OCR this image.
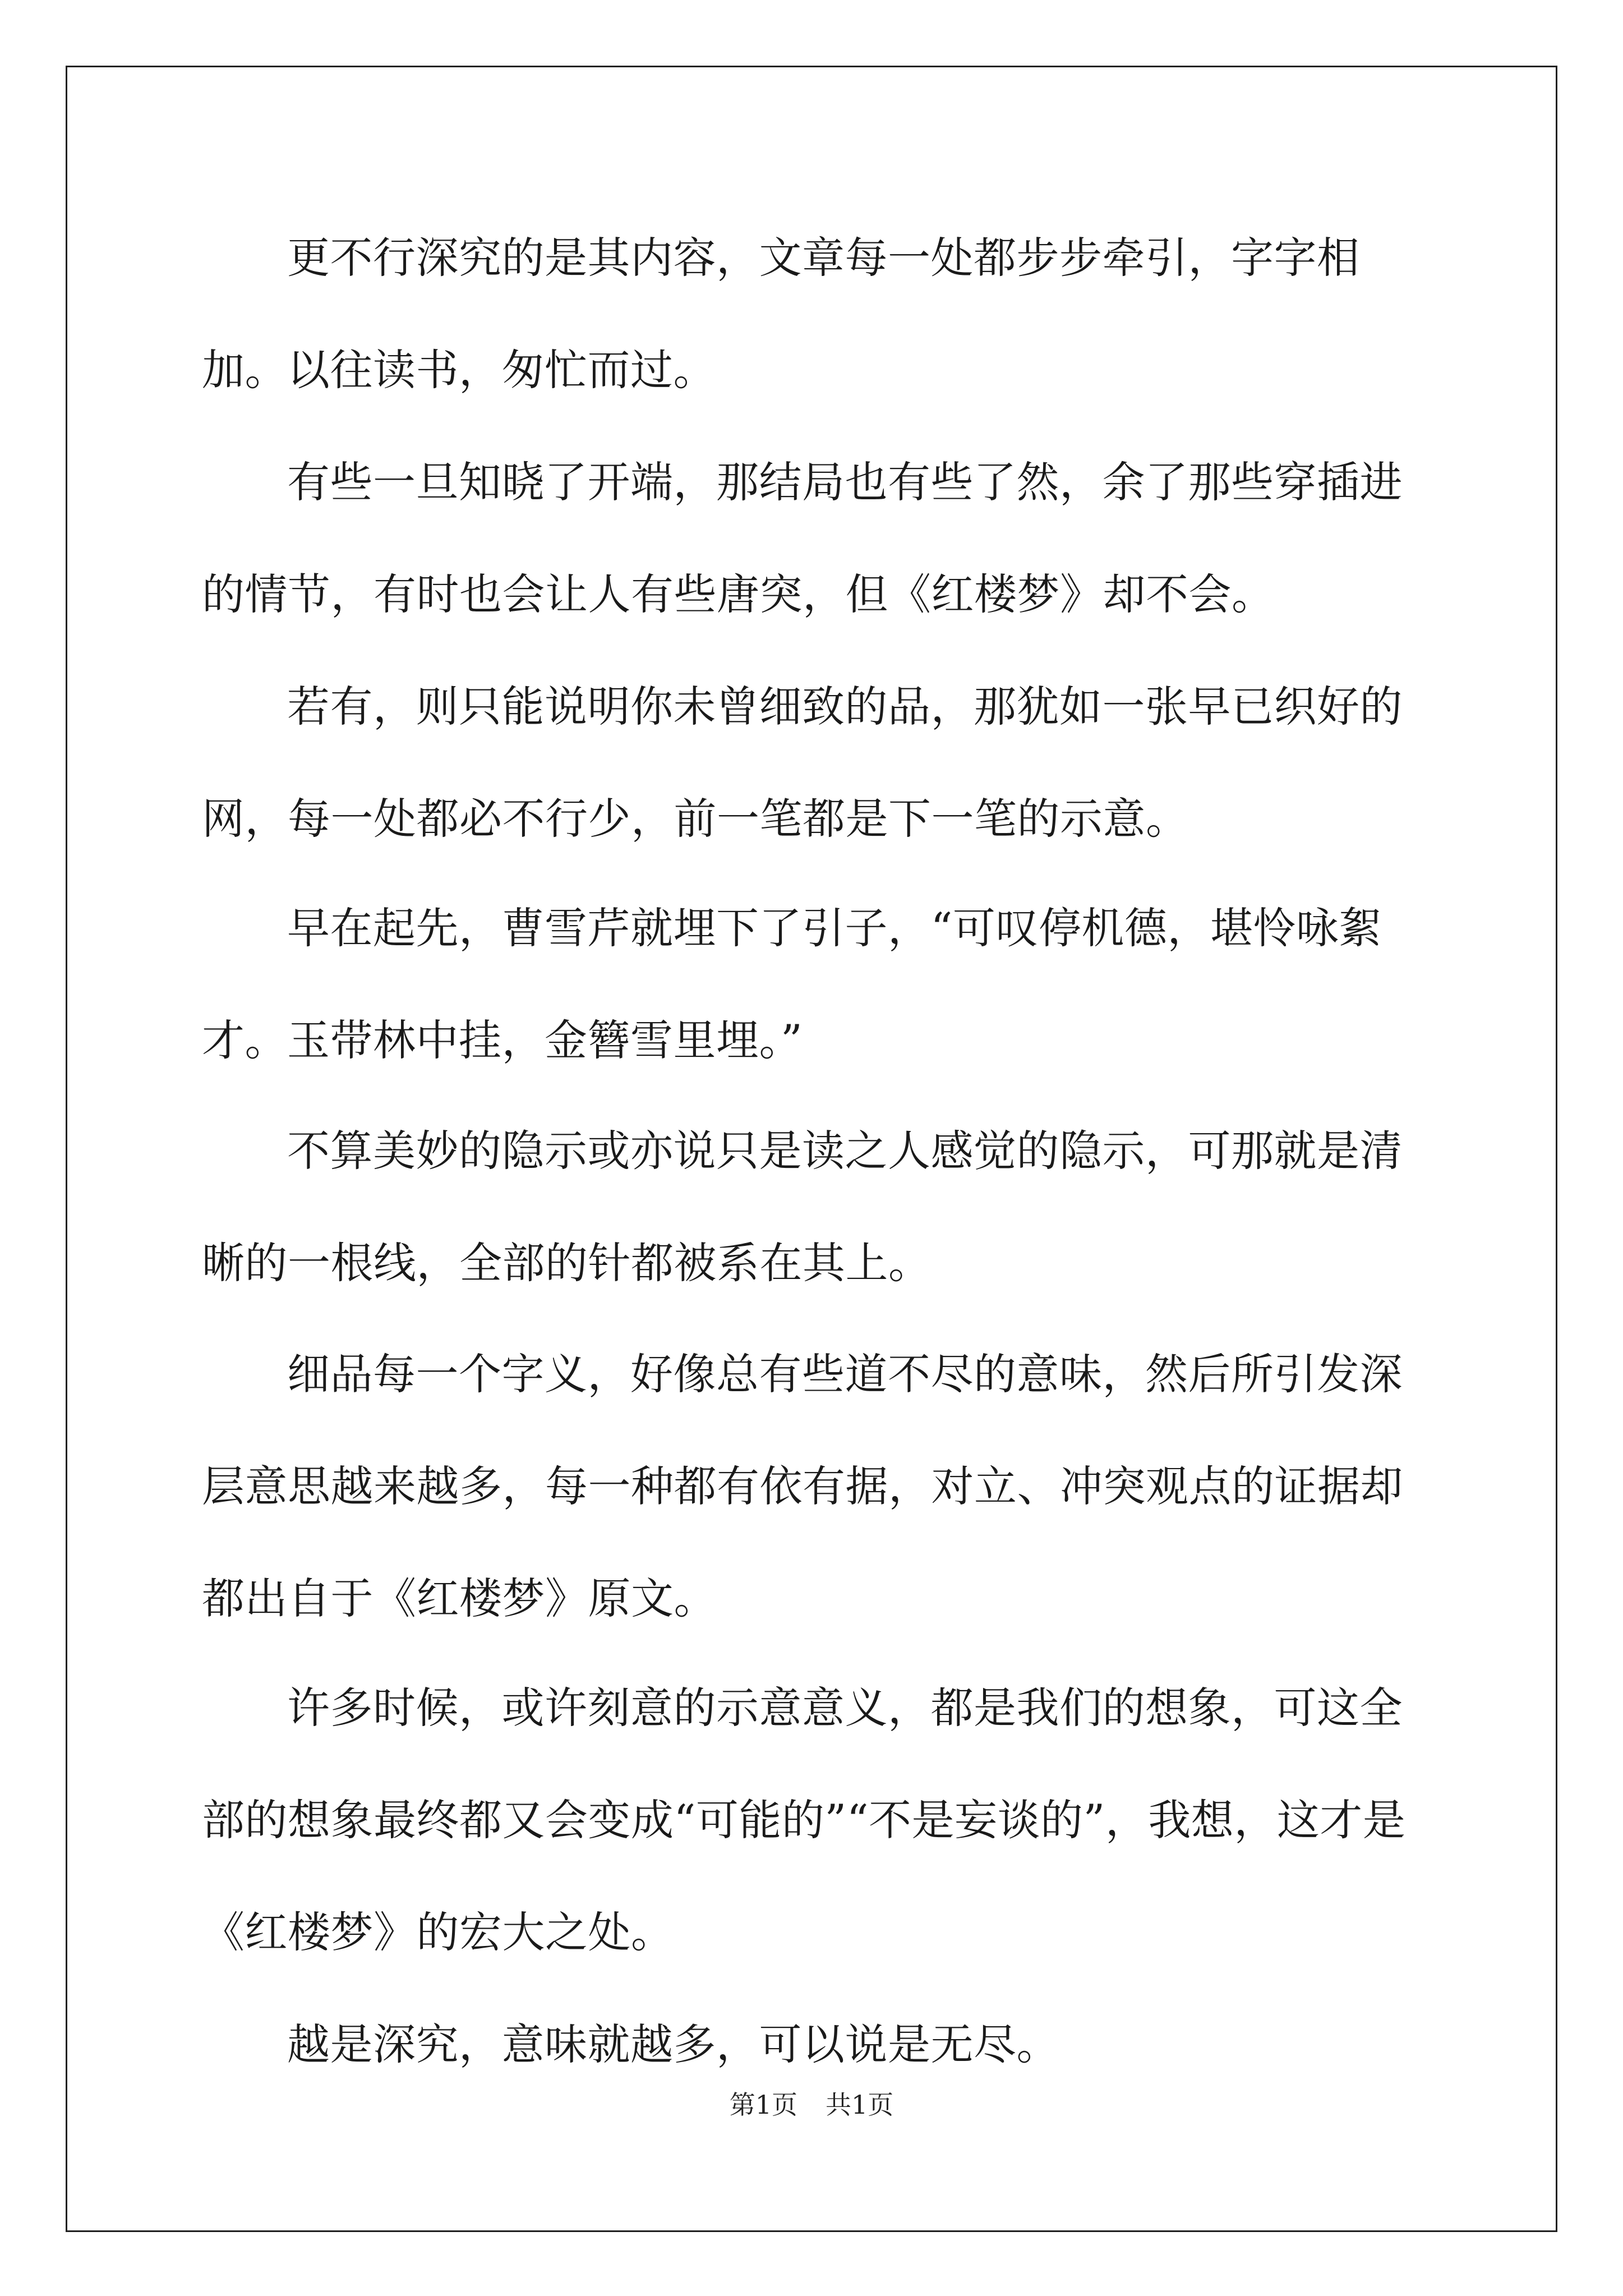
更不行深究的是其内容，文章每一处都步步牵引，字字相加。 以往读书，匆忙而过。

有些一旦知晓了开端，那结局也有些了然，余了那些穿插进的情节，有时也会让人有些唐突，但《红楼梦》却不会。

若有，则只能说明你未曾细致的品，那犹如一张早已织好的网，每一处都必不行少，前一笔都是下一笔的示意。

早在起先，曹雪芹就埋下了引子，“可叹停机德，堪怜咏絮才。 玉带林中挂，金簪雪里埋。”

不算美妙的隐示或亦说只是读之人感觉的隐示，可那就是清晰的一根线，全部的针都被系在其上。

细品每一个字义，好像总有些道不尽的意味，然后所引发深层意思越来越多，每一种都有依有据，对立、冲突观点的证据却都出自于《红楼梦》原文。

许多时候，或许刻意的示意意义，都是我们的想象，可这全部的想象最终都又会变成“可能的”“不是妄谈的”，我想，这才是《红楼梦》的宏大之处。

越是深究，意味就越多，可以说是无尽。

第1页 共1页
